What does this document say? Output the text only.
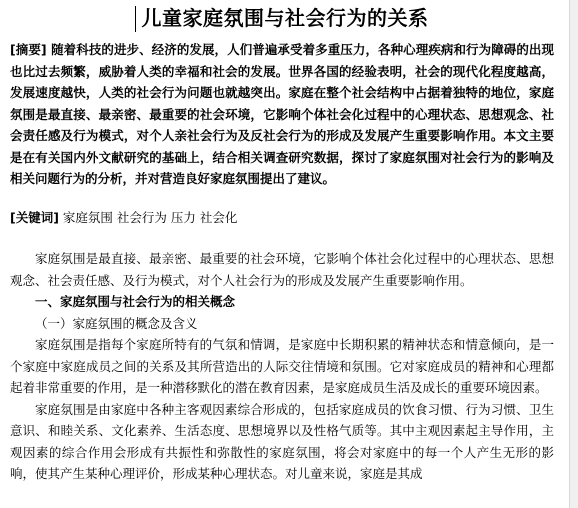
儿童家庭氛围与社会行为的关系
[摘要] 随着科技的进步、经济的发展，人们普遍承受着多重压力，各种心理疾病和行为障碍的出现也比过去频繁，威胁着人类的幸福和社会的发展。世界各国的经验表明，社会的现代化程度越高，发展速度越快，人类的社会行为问题也就越突出。家庭在整个社会结构中占据着独特的地位，家庭氛围是最直接、最亲密、最重要的社会环境，它影响个体社会化过程中的心理状态、思想观念、社会责任感及行为模式，对个人亲社会行为及反社会行为的形成及发展产生重要影响作用。本文主要是在有关国内外文献研究的基础上，结合相关调查研究数据，探讨了家庭氛围对社会行为的影响及相关问题行为的分析，并对营造良好家庭氛围提出了建议。
[关键词] 家庭氛围 社会行为 压力 社会化

家庭氛围是最直接、最亲密、最重要的社会环境，它影响个体社会化过程中的心理状态、思想观念、社会责任感、及行为模式，对个人社会行为的形成及发展产生重要影响作用。

一、家庭氛围与社会行为的相关概念

（一）家庭氛围的概念及含义

家庭氛围是指每个家庭所特有的气氛和情调，是家庭中长期积累的精神状态和情意倾向，是一个家庭中家庭成员之间的关系及其所营造出的人际交往情境和氛围。它对家庭成员的精神和心理都起着非常重要的作用，是一种潜移默化的潜在教育因素，是家庭成员生活及成长的重要环境因素。

家庭氛围是由家庭中各种主客观因素综合形成的，包括家庭成员的饮食习惯、行为习惯、卫生意识、和睦关系、文化素养、生活态度、思想境界以及性格气质等。其中主观因素起主导作用，主观因素的综合作用会形成有共振性和弥散性的家庭氛围，将会对家庭中的每一个人产生无形的影响，使其产生某种心理评价，形成某种心理状态。对儿童来说，家庭是其成
